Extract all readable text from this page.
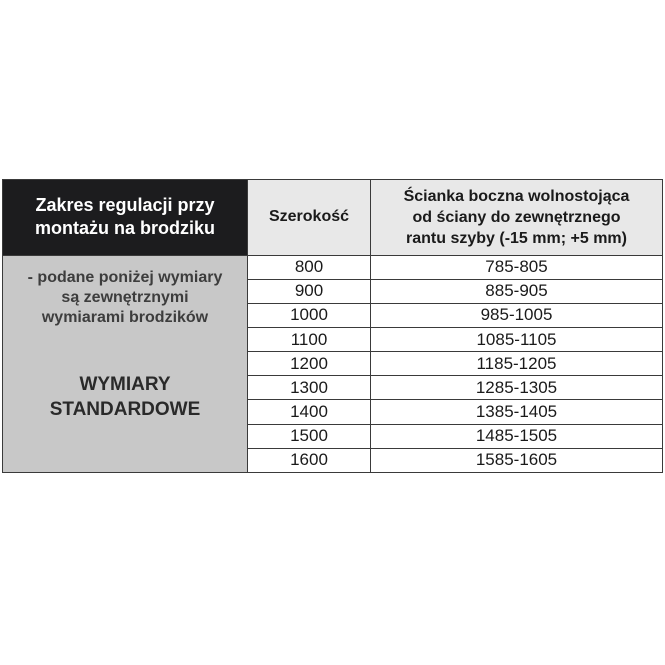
Zakres regulacji przy
montażu na brodziku	Szerokość	Ścianka boczna wolnostojąca
od ściany do zewnętrznego
rantu szyby (-15 mm; +5 mm)

- podane poniżej wymiary
są zewnętrznymi
wymiarami brodzików
WYMIARY
STANDARDOWE	800	785-805
	900	885-905
	1000	985-1005
	1100	1085-1105
	1200	1185-1205
	1300	1285-1305
	1400	1385-1405
	1500	1485-1505
	1600	1585-1605
